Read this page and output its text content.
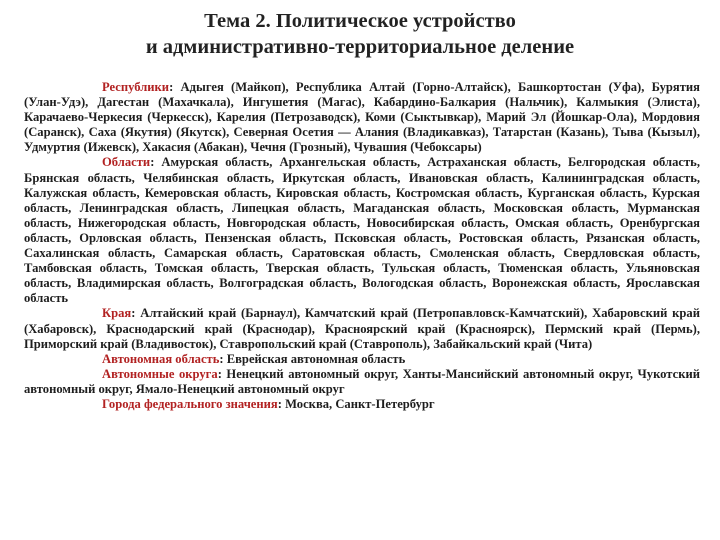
Тема 2. Политическое устройство
и административно-территориальное деление

Республики: Адыгея (Майкоп), Республика Алтай (Горно-Алтайск), Башкортостан (Уфа), Бурятия (Улан-Удэ), Дагестан (Махачкала), Ингушетия (Магас), Кабардино-Балкария (Нальчик), Калмыкия (Элиста), Карачаево-Черкесия (Черкесск), Карелия (Петрозаводск), Коми (Сыктывкар), Марий Эл (Йошкар-Ола), Мордовия (Саранск), Саха (Якутия) (Якутск), Северная Осетия — Алания (Владикавказ), Татарстан (Казань), Тыва (Кызыл), Удмуртия (Ижевск), Хакасия (Абакан), Чечня (Грозный), Чувашия (Чебоксары)

Области: Амурская область, Архангельская область, Астраханская область, Белгородская область, Брянская область, Челябинская область, Иркутская область, Ивановская область, Калининградская область, Калужская область, Кемеровская область, Кировская область, Костромская область, Курганская область, Курская область, Ленинградская область, Липецкая область, Магаданская область, Московская область, Мурманская область, Нижегородская область, Новгородская область, Новосибирская область, Омская область, Оренбургская область, Орловская область, Пензенская область, Псковская область, Ростовская область, Рязанская область, Сахалинская область, Самарская область, Саратовская область, Смоленская область, Свердловская область, Тамбовская область, Томская область, Тверская область, Тульская область, Тюменская область, Ульяновская область, Владимирская область, Волгоградская область, Вологодская область, Воронежская область, Ярославская область

Края: Алтайский край (Барнаул), Камчатский край (Петропавловск-Камчатский), Хабаровский край (Хабаровск), Краснодарский край (Краснодар), Красноярский край (Красноярск), Пермский край (Пермь), Приморский край (Владивосток), Ставропольский край (Ставрополь), Забайкальский край (Чита)

Автономная область: Еврейская автономная область

Автономные округа: Ненецкий автономный округ, Ханты-Мансийский автономный округ, Чукотский автономный округ, Ямало-Ненецкий автономный округ

Города федерального значения: Москва, Санкт-Петербург
